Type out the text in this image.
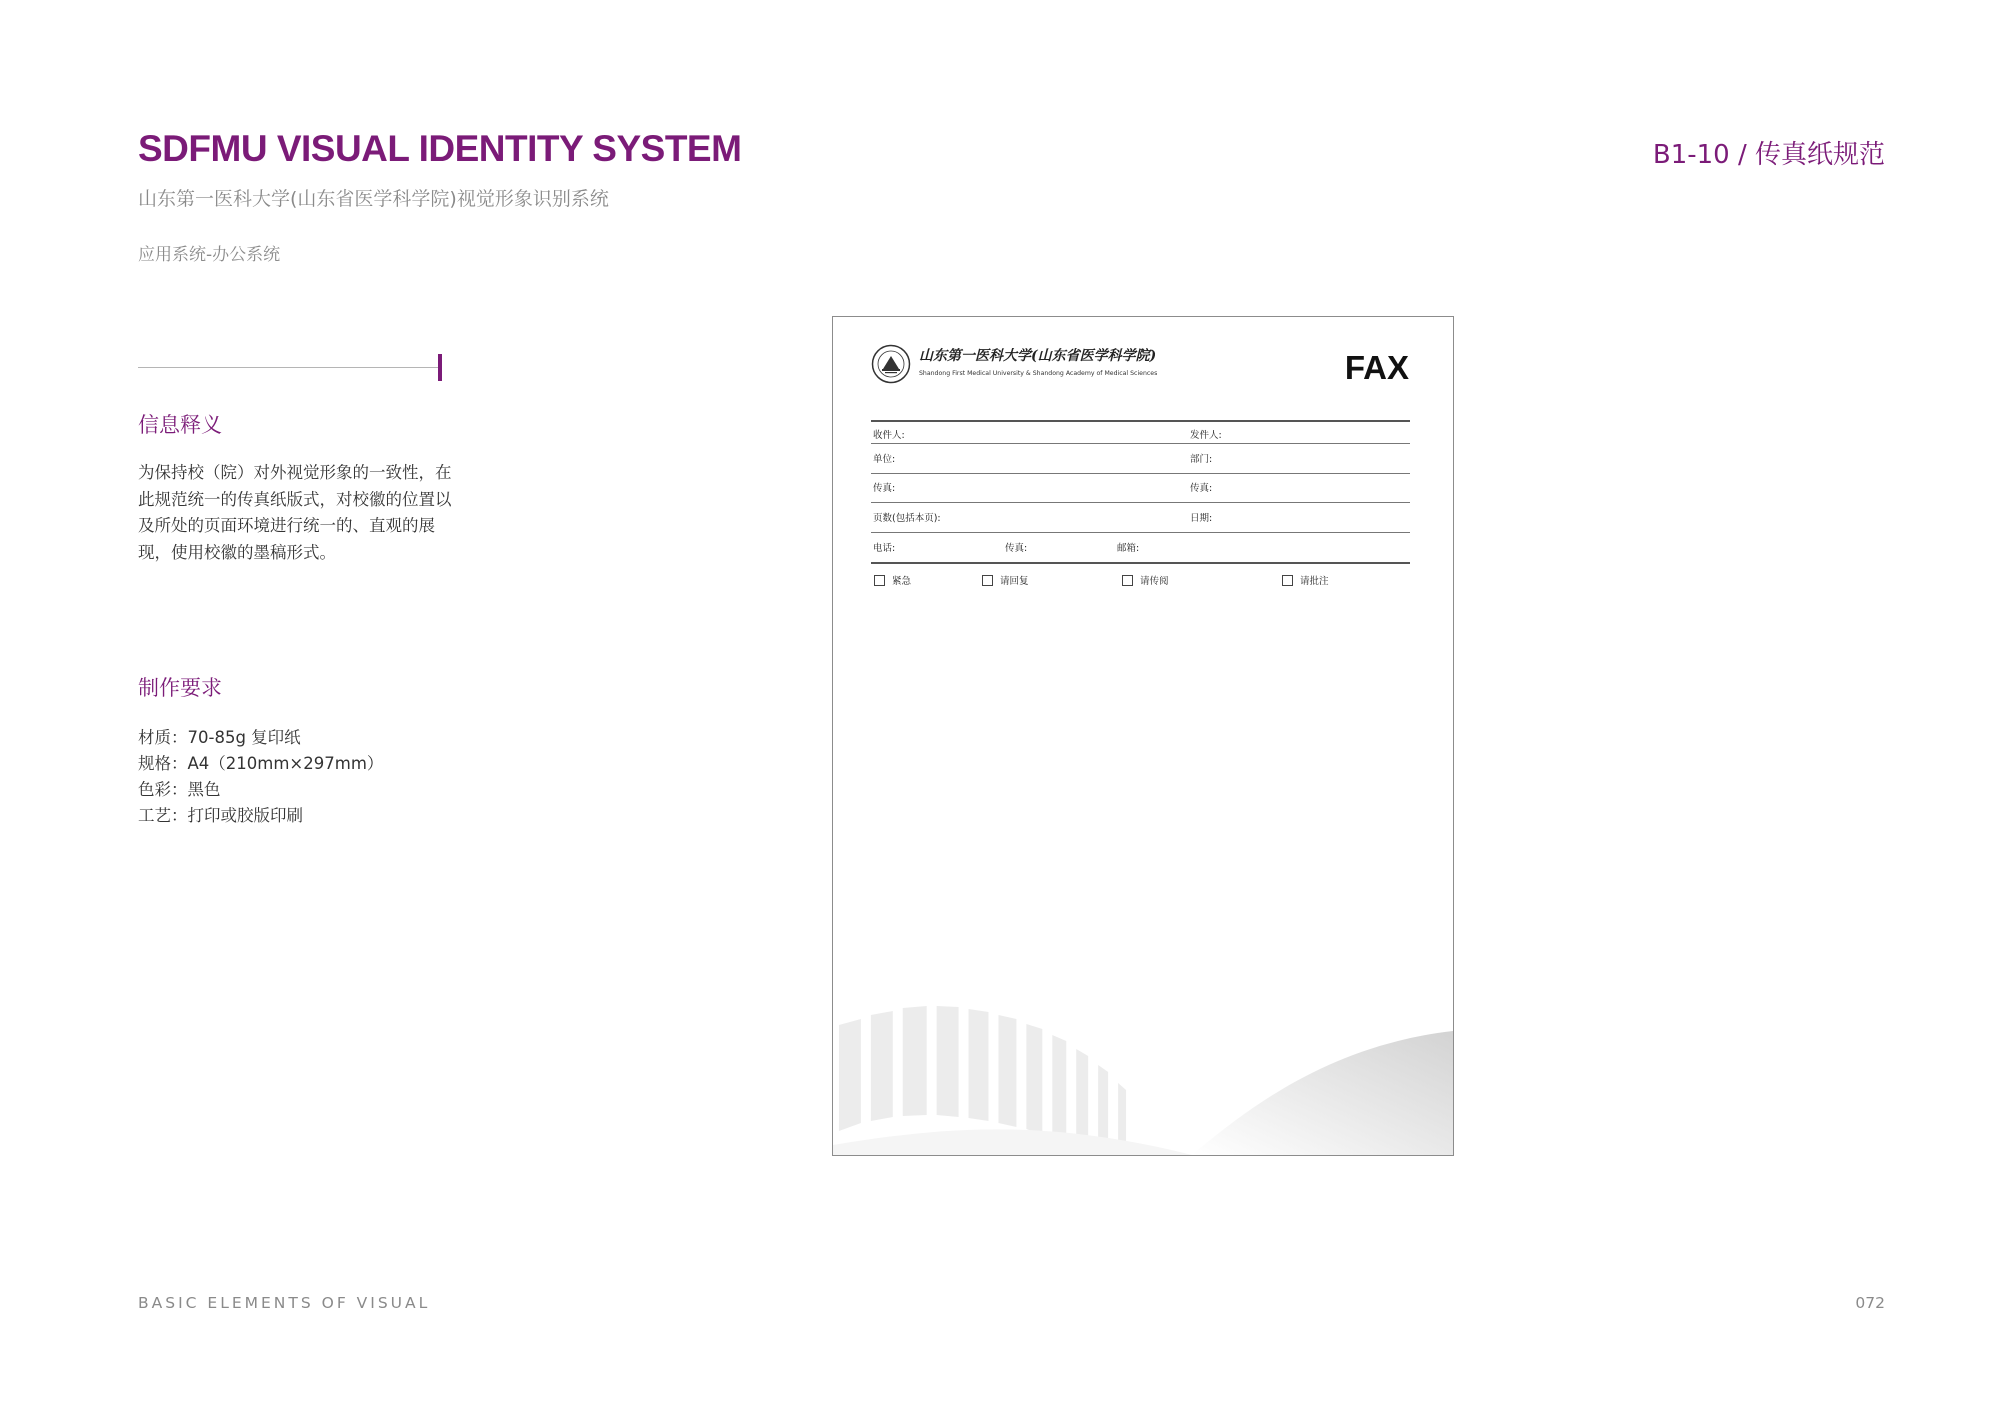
SDFMU VISUAL IDENTITY SYSTEM
山东第一医科大学(山东省医学科学院)视觉形象识别系统
应用系统-办公系统
B1-10 / 传真纸规范
信息释义
为保持校（院）对外视觉形象的一致性，在此规范统一的传真纸版式，对校徽的位置以及所处的页面环境进行统一的、直观的展现，使用校徽的墨稿形式。
制作要求
材质：70-85g 复印纸
规格：A4（210mm×297mm）
色彩：黑色
工艺：打印或胶版印刷
山东第一医科大学(山东省医学科学院)
Shandong First Medical University & Shandong Academy of Medical Sciences	FAX
收件人:	发件人:
单位:	部门:
传真:	传真:
页数(包括本页):	日期:
电话:	传真:	邮箱:
紧急	请回复	请传阅	请批注
BASIC ELEMENTS OF VISUAL	072
